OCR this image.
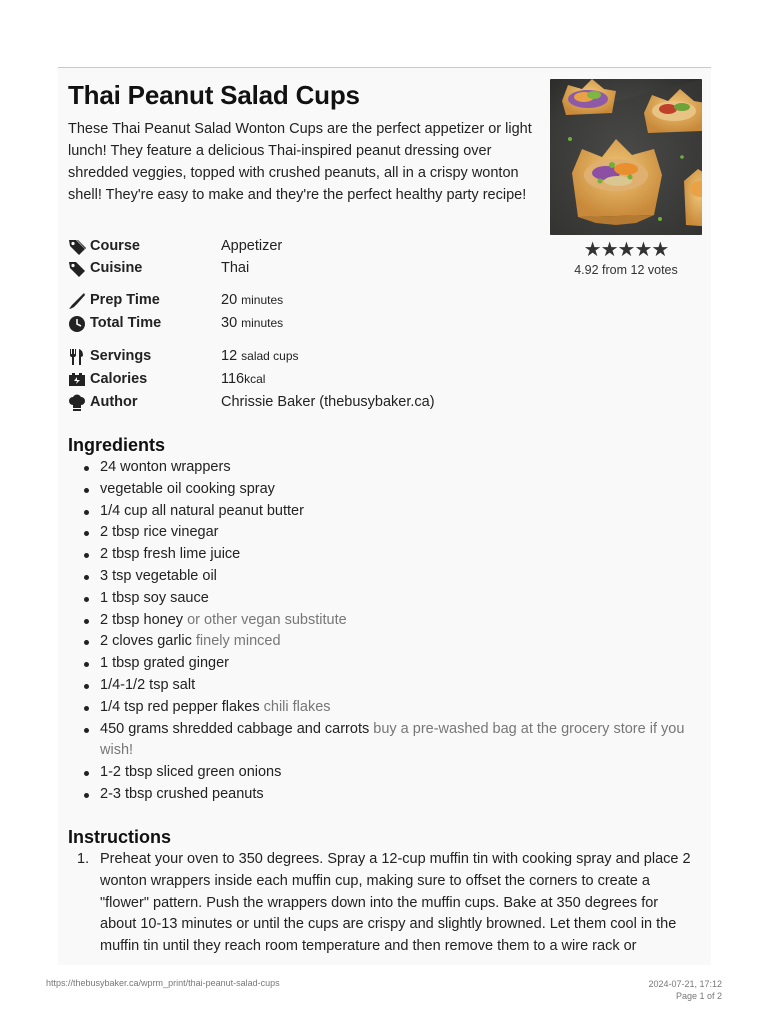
Thai Peanut Salad Cups
These Thai Peanut Salad Wonton Cups are the perfect appetizer or light lunch! They feature a delicious Thai-inspired peanut dressing over shredded veggies, topped with crushed peanuts, all in a crispy wonton shell! They're easy to make and they're the perfect healthy party recipe!
★★★★★
4.92 from 12 votes
Course	Appetizer
Cuisine	Thai
Prep Time	20 minutes
Total Time	30 minutes
Servings	12 salad cups
Calories	116kcal
Author	Chrissie Baker (thebusybaker.ca)
Ingredients
24 wonton wrappers
vegetable oil cooking spray
1/4 cup all natural peanut butter
2 tbsp rice vinegar
2 tbsp fresh lime juice
3 tsp vegetable oil
1 tbsp soy sauce
2 tbsp honey or other vegan substitute
2 cloves garlic finely minced
1 tbsp grated ginger
1/4-1/2 tsp salt
1/4 tsp red pepper flakes chili flakes
450 grams shredded cabbage and carrots buy a pre-washed bag at the grocery store if you wish!
1-2 tbsp sliced green onions
2-3 tbsp crushed peanuts
Instructions
1. Preheat your oven to 350 degrees. Spray a 12-cup muffin tin with cooking spray and place 2 wonton wrappers inside each muffin cup, making sure to offset the corners to create a "flower" pattern. Push the wrappers down into the muffin cups. Bake at 350 degrees for about 10-13 minutes or until the cups are crispy and slightly browned. Let them cool in the muffin tin until they reach room temperature and then remove them to a wire rack or
https://thebusybaker.ca/wprm_print/thai-peanut-salad-cups	2024-07-21, 17:12
Page 1 of 2
